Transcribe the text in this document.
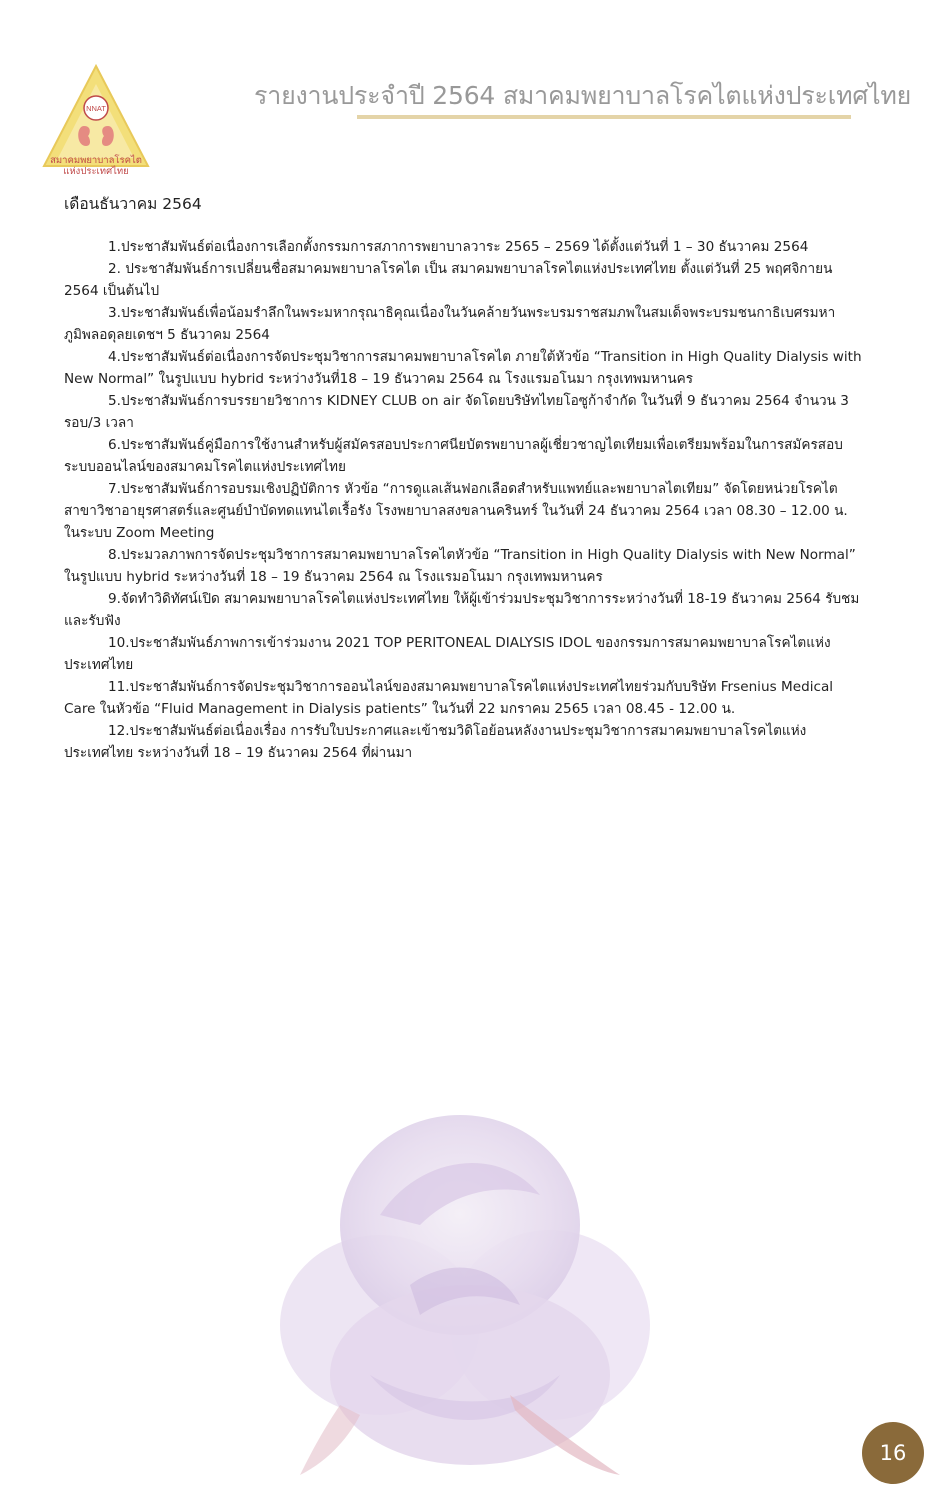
NNAT
สมาคมพยาบาลโรคไต
แห่งประเทศไทย
รายงานประจำปี 2564 สมาคมพยาบาลโรคไตแห่งประเทศไทย
เดือนธันวาคม 2564

1.ประชาสัมพันธ์ต่อเนื่องการเลือกตั้งกรรมการสภาการพยาบาลวาระ 2565 – 2569 ได้ตั้งแต่วันที่ 1 – 30 ธันวาคม 2564

2. ประชาสัมพันธ์การเปลี่ยนชื่อสมาคมพยาบาลโรคไต เป็น สมาคมพยาบาลโรคไตแห่งประเทศไทย ตั้งแต่วันที่ 25 พฤศจิกายน 2564 เป็นต้นไป

3.ประชาสัมพันธ์เพื่อน้อมรำลึกในพระมหากรุณาธิคุณเนื่องในวันคล้ายวันพระบรมราชสมภพในสมเด็จพระบรมชนกาธิเบศรมหาภูมิพลอดุลยเดชฯ 5 ธันวาคม 2564

4.ประชาสัมพันธ์ต่อเนื่องการจัดประชุมวิชาการสมาคมพยาบาลโรคไต ภายใต้หัวข้อ “Transition in High Quality Dialysis with New Normal” ในรูปแบบ hybrid ระหว่างวันที่18 – 19 ธันวาคม 2564 ณ โรงแรมอโนมา กรุงเทพมหานคร

5.ประชาสัมพันธ์การบรรยายวิชาการ KIDNEY CLUB on air จัดโดยบริษัทไทยโอซูก้าจำกัด ในวันที่ 9 ธันวาคม 2564 จำนวน 3 รอบ/3 เวลา

6.ประชาสัมพันธ์คู่มือการใช้งานสำหรับผู้สมัครสอบประกาศนียบัตรพยาบาลผู้เชี่ยวชาญไตเทียมเพื่อเตรียมพร้อมในการสมัครสอบระบบออนไลน์ของสมาคมโรคไตแห่งประเทศไทย

7.ประชาสัมพันธ์การอบรมเชิงปฏิบัติการ หัวข้อ “การดูแลเส้นฟอกเลือดสำหรับแพทย์และพยาบาลไตเทียม” จัดโดยหน่วยโรคไต สาขาวิชาอายุรศาสตร์และศูนย์บำบัดทดแทนไตเรื้อรัง โรงพยาบาลสงขลานครินทร์ ในวันที่ 24 ธันวาคม 2564 เวลา 08.30 – 12.00 น. ในระบบ Zoom Meeting

8.ประมวลภาพการจัดประชุมวิชาการสมาคมพยาบาลโรคไตหัวข้อ “Transition in High Quality Dialysis with New Normal” ในรูปแบบ hybrid ระหว่างวันที่ 18 – 19 ธันวาคม 2564 ณ โรงแรมอโนมา กรุงเทพมหานคร

9.จัดทำวิดิทัศน์เปิด สมาคมพยาบาลโรคไตแห่งประเทศไทย ให้ผู้เข้าร่วมประชุมวิชาการระหว่างวันที่ 18-19 ธันวาคม 2564 รับชมและรับฟัง

10.ประชาสัมพันธ์ภาพการเข้าร่วมงาน 2021 TOP PERITONEAL DIALYSIS IDOL ของกรรมการสมาคมพยาบาลโรคไตแห่งประเทศไทย

11.ประชาสัมพันธ์การจัดประชุมวิชาการออนไลน์ของสมาคมพยาบาลโรคไตแห่งประเทศไทยร่วมกับบริษัท Frsenius Medical Care ในหัวข้อ “Fluid Management in Dialysis patients” ในวันที่ 22 มกราคม 2565 เวลา 08.45 - 12.00 น.

12.ประชาสัมพันธ์ต่อเนื่องเรื่อง การรับใบประกาศและเข้าชมวิดิโอย้อนหลังงานประชุมวิชาการสมาคมพยาบาลโรคไตแห่งประเทศไทย ระหว่างวันที่ 18 – 19 ธันวาคม 2564 ที่ผ่านมา

16
